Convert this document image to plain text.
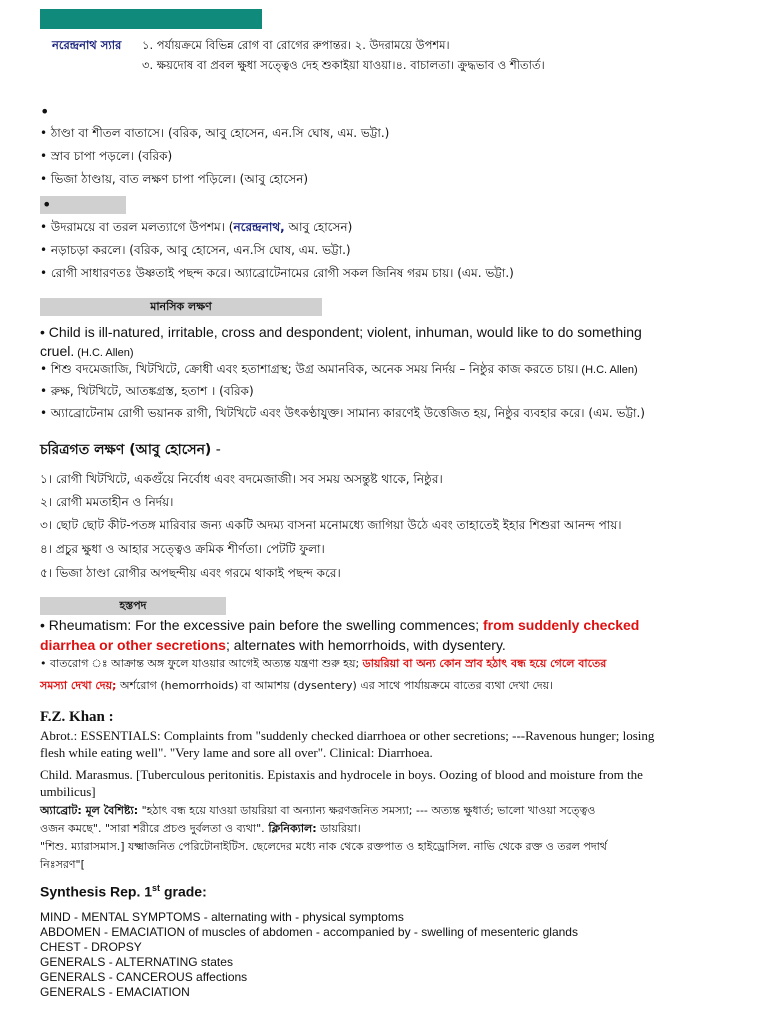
নরেন্দ্রনাথ স্যার ১. পর্যায়ক্রমে বিভিন্ন রোগ বা রোগের রুপান্তর। ২. উদরাময়ে উপশম।
৩. ক্ষয়দোষ বা প্রবল ক্ষুধা সত্ত্বেও দেহ শুকাইয়া যাওয়া।৪. বাচালতা। ক্রুদ্ধভাব ও শীতার্ত।
•
• ঠাণ্ডা বা শীতল বাতাসে। (বরিক, আবু হোসেন, এন.সি ঘোষ, এম. ভট্টা.)
• স্রাব চাপা পড়লে। (বরিক)
• ভিজা ঠাণ্ডায়, বাত লক্ষণ চাপা পড়িলে। (আবু হোসেন)
•
• উদরাময়ে বা তরল মলত্যাগে উপশম। (নরেন্দ্রনাথ, আবু হোসেন)
• নড়াচড়া করলে। (বরিক, আবু হোসেন, এন.সি ঘোষ, এম. ভট্টা.)
• রোগী সাধারণতঃ উষ্ণতাই পছন্দ করে। অ্যাব্রোটেনামের রোগী সকল জিনিষ গরম চায়। (এম. ভট্টা.)
মানসিক লক্ষণ
• Child is ill-natured, irritable, cross and despondent; violent, inhuman, would like to do something
cruel. (H.C. Allen)
• শিশু বদমেজাজি, খিটখিটে, ক্রোধী এবং হতাশাগ্রস্থ; উগ্র অমানবিক, অনেক সময় নির্দয় – নিষ্ঠুর কাজ করতে চায়। (H.C. Allen)
• রুক্ষ, খিটখিটে, আতঙ্কগ্রস্ত, হতাশ । (বরিক)
• অ্যাব্রোটেনাম রোগী ভয়ানক রাগী, খিটখিটে এবং উৎকণ্ঠাযুক্ত। সামান্য কারণেই উত্তেজিত হয়, নিষ্ঠুর ব্যবহার করে। (এম. ভট্টা.)
চরিত্রগত লক্ষণ (আবু হোসেন) -
১। রোগী খিটখিটে, একগুঁয়ে নির্বোধ এবং বদমেজাজী। সব সময় অসন্তুষ্ট থাকে, নিষ্ঠুর।
২। রোগী মমতাহীন ও নির্দয়।
৩। ছোট ছোট কীট-পতঙ্গ মারিবার জন্য একটি অদম্য বাসনা মনোমধ্যে জাগিয়া উঠে এবং তাহাতেই ইহার শিশুরা আনন্দ পায়।
৪। প্রচুর ক্ষুধা ও আহার সত্ত্বেও ক্রমিক শীর্ণতা। পেটটি ফুলা।
৫। ভিজা ঠাণ্ডা রোগীর অপছন্দীয় এবং গরমে থাকাই পছন্দ করে।
হস্তপদ
• Rheumatism: For the excessive pain before the swelling commences; from suddenly checked
diarrhea or other secretions; alternates with hemorrhoids, with dysentery.
• বাতরোগ ঃ আক্রান্ত অঙ্গ ফুলে যাওয়ার আগেই অত্যন্ত যন্ত্রণা শুরু হয়; ডায়রিয়া বা অন্য কোন স্রাব হঠাৎ বন্ধ হয়ে গেলে বাতের
সমস্যা দেখা দেয়; অর্শরোগ (hemorrhoids) বা আমাশয় (dysentery) এর সাথে পার্যায়ক্রমে বাতের ব্যথা দেখা দেয়।
F.Z. Khan :
Abrot.: ESSENTIALS: Complaints from "suddenly checked diarrhoea or other secretions; ---Ravenous hunger; losing
flesh while eating well". "Very lame and sore all over". Clinical: Diarrhoea.
Child. Marasmus. [Tuberculous peritonitis. Epistaxis and hydrocele in boys. Oozing of blood and moisture from the
umbilicus]
অ্যাব্রোট: মূল বৈশিষ্ট্য: "হঠাৎ বন্ধ হয়ে যাওয়া ডায়রিয়া বা অন্যান্য ক্ষরণজনিত সমস্যা; --- অত্যন্ত ক্ষুধার্ত; ভালো খাওয়া সত্ত্বেও
ওজন কমছে". "সারা শরীরে প্রচণ্ড দুর্বলতা ও ব্যথা". ক্লিনিক্যাল: ডায়রিয়া।
"শিশু. ম্যারাসমাস.] যক্ষ্মাজনিত পেরিটোনাইটিস. ছেলেদের মধ্যে নাক থেকে রক্তপাত ও হাইড্রোসিল. নাভি থেকে রক্ত ও তরল পদার্থ
নিঃসরণ"[
Synthesis Rep. 1st grade:
MIND - MENTAL SYMPTOMS - alternating with - physical symptoms
ABDOMEN - EMACIATION of muscles of abdomen - accompanied by - swelling of mesenteric glands
CHEST - DROPSY
GENERALS - ALTERNATING states
GENERALS - CANCEROUS affections
GENERALS - EMACIATION
